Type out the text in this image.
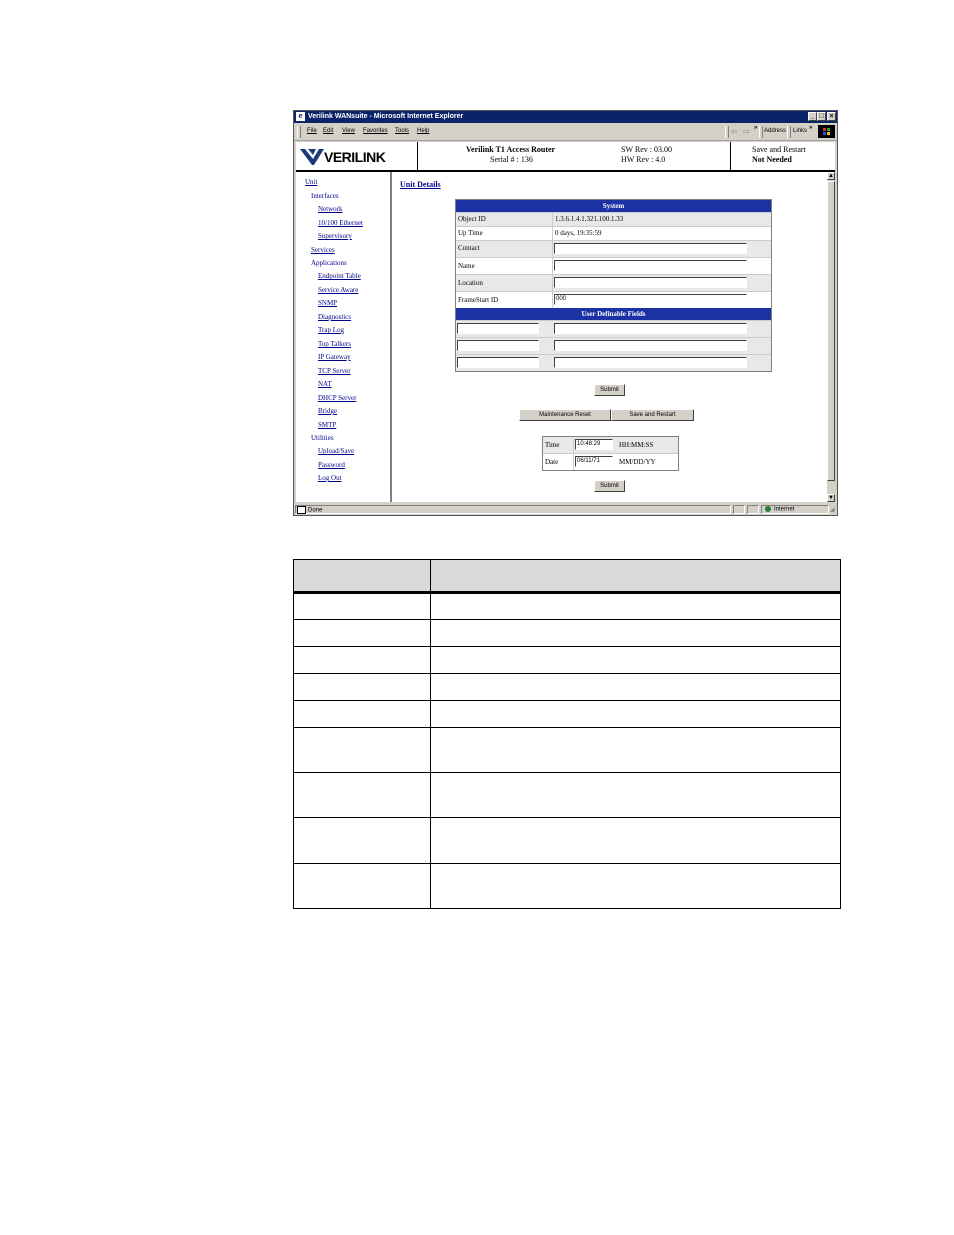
e Verilink WANsuite - Microsoft Internet Explorer	_ □ ×
File Edit View Favorites Tools Help	⇦ ⇨ » Address Links »
VERILINK	Verilink T1 Access Router
Serial # : 136
SW Rev : 03.00
HW Rev : 4.0
Save and Restart
Not Needed
Unit
Interfaces
Network
10/100 Ethernet
Supervisory
Services
Applications
Endpoint Table
Service Aware
SNMP
Diagnostics
Trap Log
Top Talkers
IP Gateway
TCP Server
NAT
DHCP Server
Bridge
SMTP
Utilities
Upload/Save
Password
Log Out
Unit Details
System
Object ID	1.3.6.1.4.1.321.100.1.33
Up Time	0 days, 19:35:59
Contact
Name
Location
FrameStart ID	000
User Definable Fields
Submit
Maintenance Reset	Save and Restart
Time	10:48:29	HH:MM:SS
Date	06/11/71	MM/DD/YY
Submit
▲
▼
Done	Internet	◢
